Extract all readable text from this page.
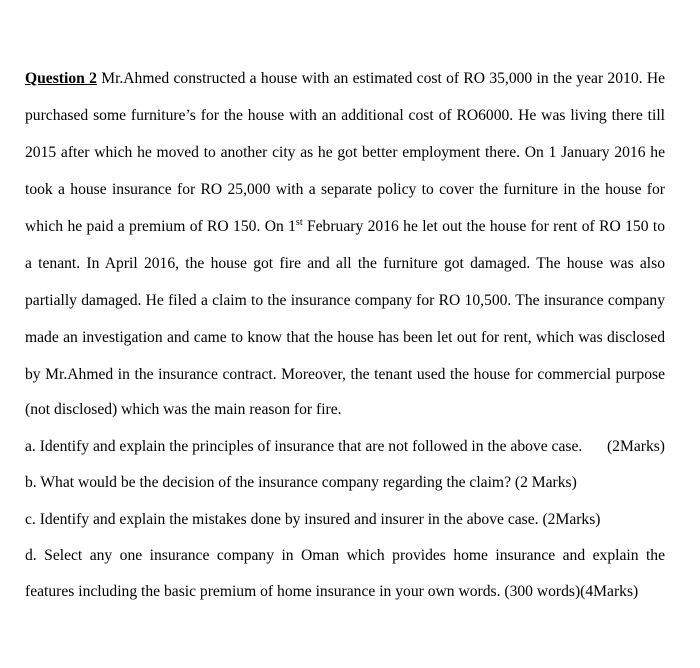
Question 2 Mr.Ahmed constructed a house with an estimated cost of RO 35,000 in the year 2010. He
purchased some furniture’s for the house with an additional cost of RO6000. He was living there till
2015 after which he moved to another city as he got better employment there. On 1 January 2016 he
took a house insurance for RO 25,000 with a separate policy to cover the furniture in the house for
which he paid a premium of RO 150. On 1st February 2016 he let out the house for rent of RO 150 to
a tenant. In April 2016, the house got fire and all the furniture got damaged. The house was also
partially damaged. He filed a claim to the insurance company for RO 10,500. The insurance company
made an investigation and came to know that the house has been let out for rent, which was disclosed
by Mr.Ahmed in the insurance contract. Moreover, the tenant used the house for commercial purpose
(not disclosed) which was the main reason for fire.
a. Identify and explain the principles of insurance that are not followed in the above case. (2Marks)
b. What would be the decision of the insurance company regarding the claim? (2 Marks)
c. Identify and explain the mistakes done by insured and insurer in the above case. (2Marks)
d. Select any one insurance company in Oman which provides home insurance and explain the
features including the basic premium of home insurance in your own words. (300 words)(4Marks)
